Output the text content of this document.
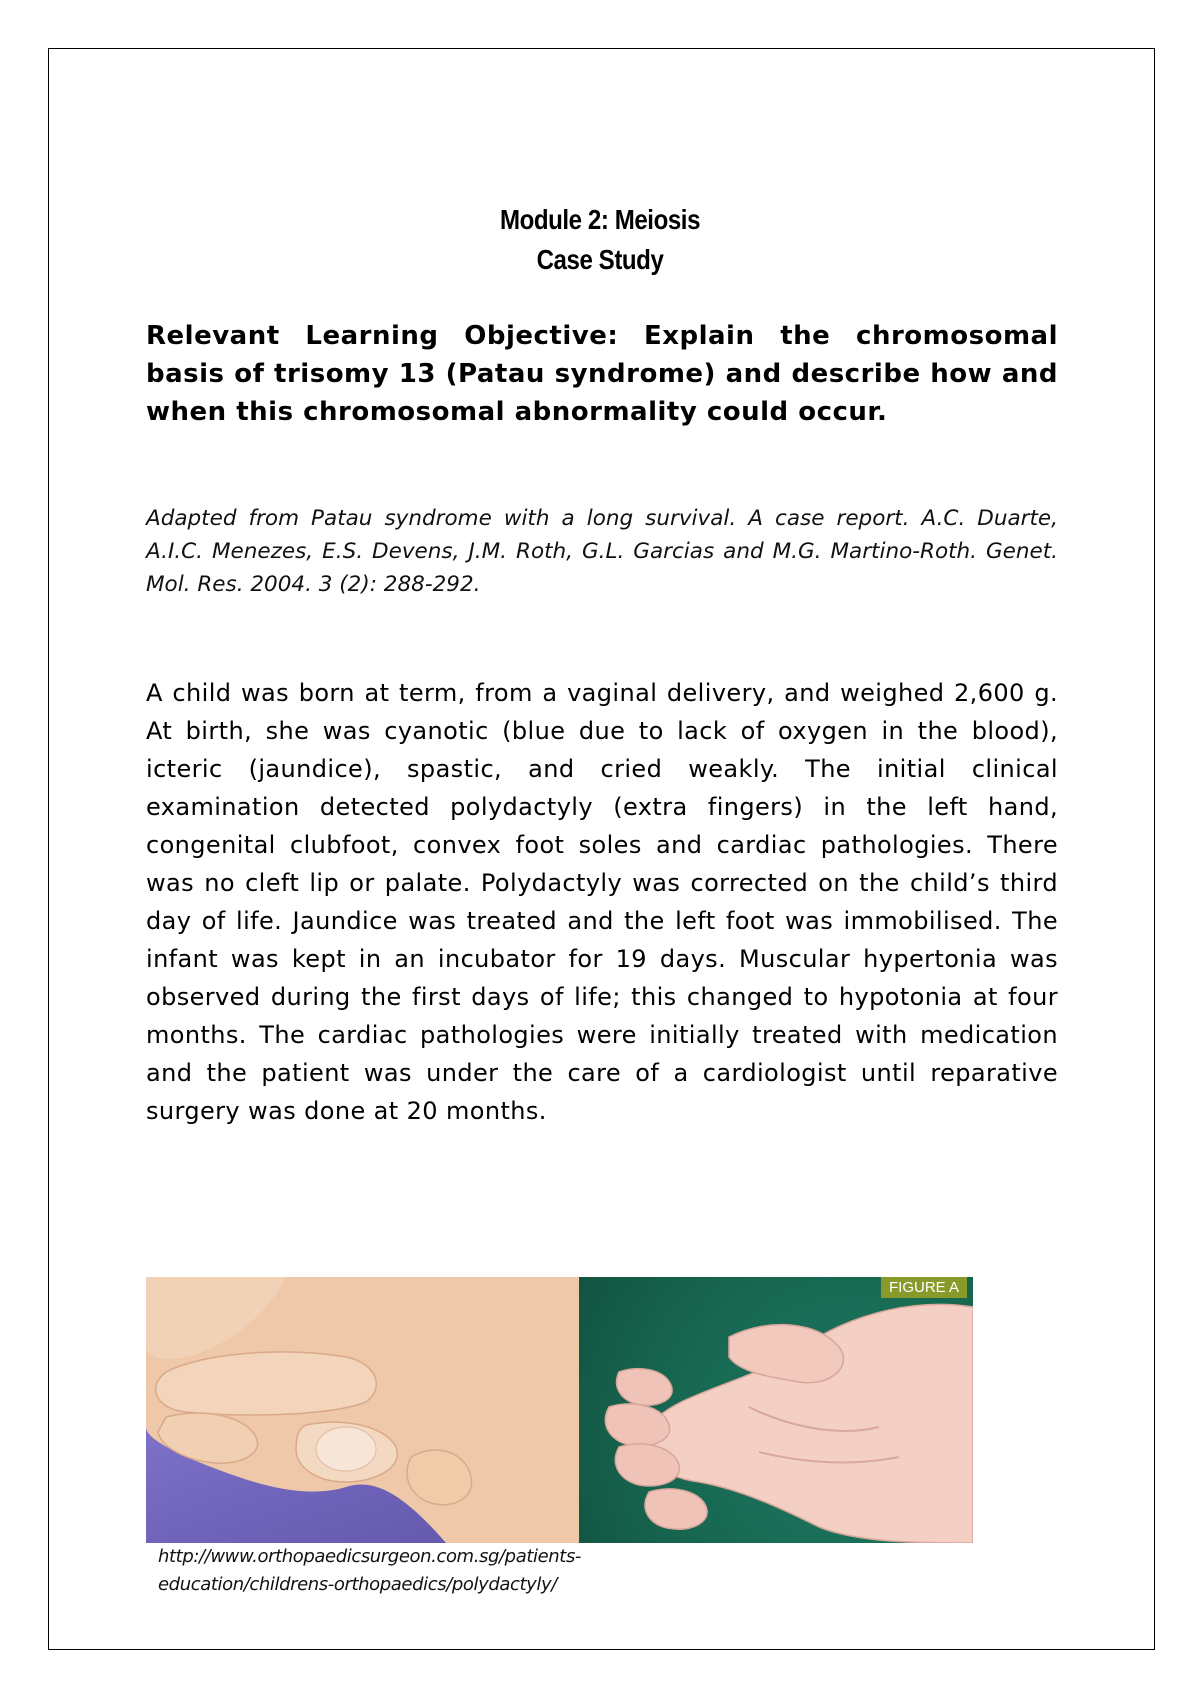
Module 2: Meiosis
Case Study
Relevant Learning Objective: Explain the chromosomal basis of trisomy 13 (Patau syndrome) and describe how and when this chromosomal abnormality could occur.
Adapted from Patau syndrome with a long survival. A case report. A.C. Duarte, A.I.C. Menezes, E.S. Devens, J.M. Roth, G.L. Garcias and M.G. Martino-Roth. Genet. Mol. Res. 2004. 3 (2): 288-292.
A child was born at term, from a vaginal delivery, and weighed 2,600 g. At birth, she was cyanotic (blue due to lack of oxygen in the blood), icteric (jaundice), spastic, and cried weakly. The initial clinical examination detected polydactyly (extra fingers) in the left hand, congenital clubfoot, convex foot soles and cardiac pathologies. There was no cleft lip or palate. Polydactyly was corrected on the child’s third day of life. Jaundice was treated and the left foot was immobilised. The infant was kept in an incubator for 19 days. Muscular hypertonia was observed during the first days of life; this changed to hypotonia at four months. The cardiac pathologies were initially treated with medication and the patient was under the care of a cardiologist until reparative surgery was done at 20 months.
FIGURE A
http://www.orthopaedicsurgeon.com.sg/patients-education/childrens-orthopaedics/polydactyly/
